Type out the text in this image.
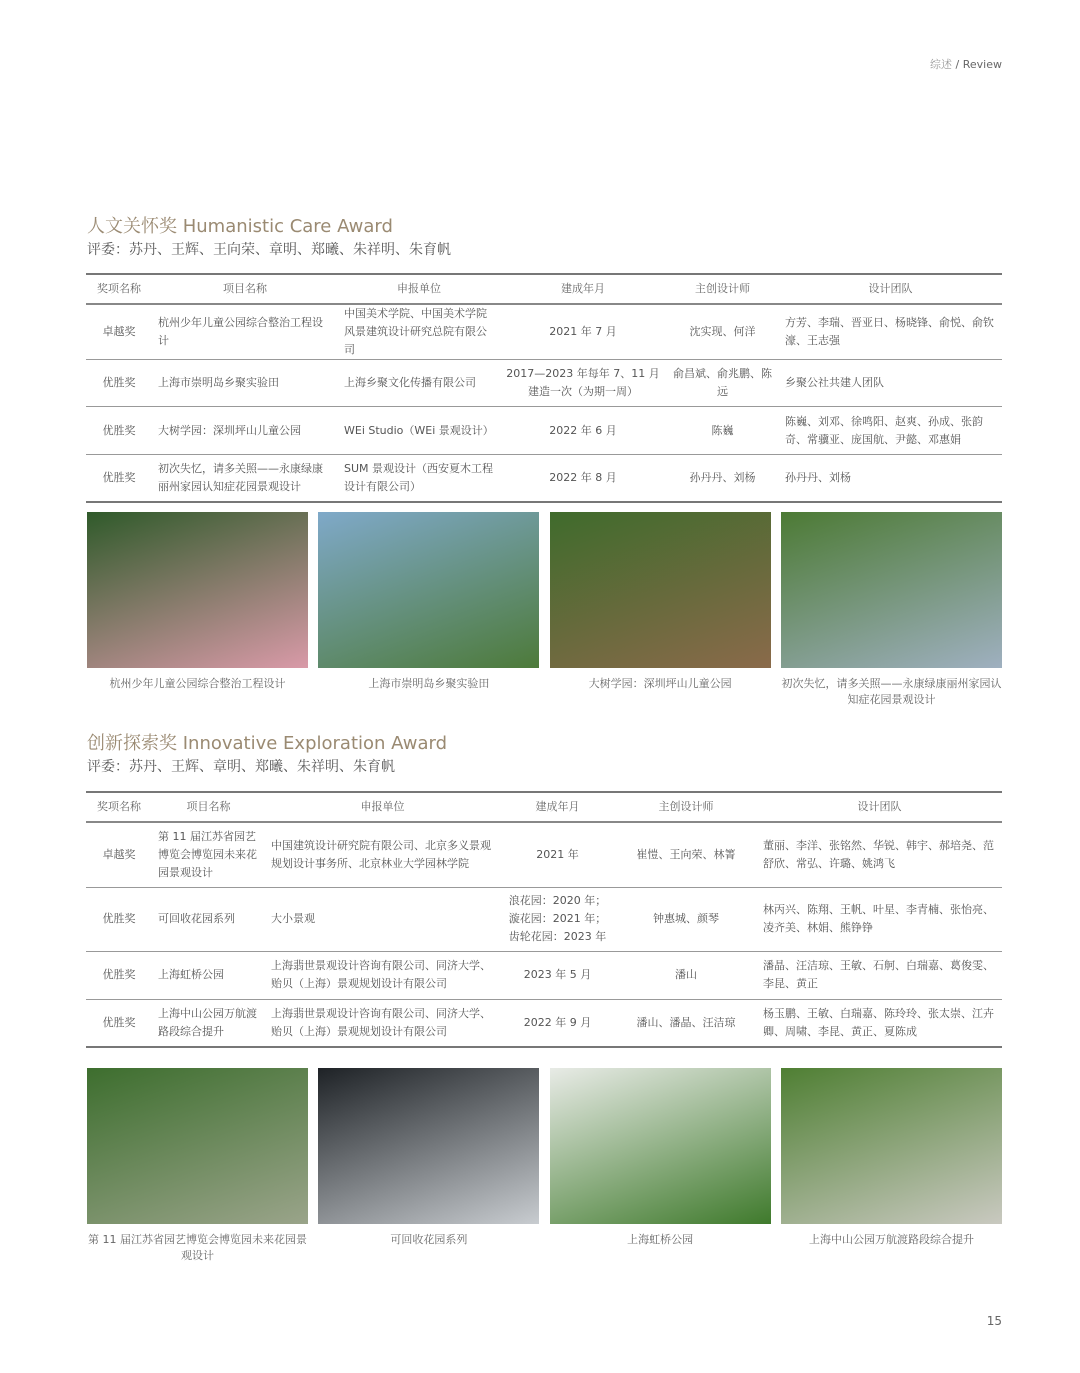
综述 / Review
人文关怀奖 Humanistic Care Award
评委：苏丹、王辉、王向荣、章明、郑曦、朱祥明、朱育帆
奖项名称	项目名称	申报单位	建成年月	主创设计师	设计团队
卓越奖	杭州少年儿童公园综合整治工程设计	中国美术学院、中国美术学院风景建筑设计研究总院有限公司	2021 年 7 月	沈实现、何洋	方芳、李瑞、晋亚日、杨晓锋、俞悦、俞钦濠、王志强
优胜奖	上海市崇明岛乡聚实验田	上海乡聚文化传播有限公司	2017—2023 年每年 7、11 月建造一次（为期一周）	俞昌斌、俞兆鹏、陈远	乡聚公社共建人团队
优胜奖	大树学园：深圳坪山儿童公园	WEi Studio（WEi 景观设计）	2022 年 6 月	陈巍	陈巍、刘邓、徐鸣阳、赵爽、孙成、张韵奇、常骥亚、庞国航、尹懿、邓惠娟
优胜奖	初次失忆，请多关照——永康绿康丽州家园认知症花园景观设计	SUM 景观设计（西安夏木工程设计有限公司）	2022 年 8 月	孙丹丹、刘杨	孙丹丹、刘杨
杭州少年儿童公园综合整治工程设计	上海市崇明岛乡聚实验田	大树学园：深圳坪山儿童公园	初次失忆，请多关照——永康绿康丽州家园认知症花园景观设计
创新探索奖 Innovative Exploration Award
评委：苏丹、王辉、章明、郑曦、朱祥明、朱育帆
奖项名称	项目名称	申报单位	建成年月	主创设计师	设计团队
卓越奖	第 11 届江苏省园艺博览会博览园未来花园景观设计	中国建筑设计研究院有限公司、北京多义景观规划设计事务所、北京林业大学园林学院	2021 年	崔愷、王向荣、林箐	董丽、李洋、张铭然、华锐、韩宇、郝培尧、范舒欣、常弘、许璐、姚鸿飞
优胜奖	可回收花园系列	大小景观	浪花园：2020 年；漩花园：2021 年；齿轮花园：2023 年	钟惠城、颜琴	林丙兴、陈翔、王帆、叶星、李青楠、张怡亮、凌齐美、林娟、熊铮铮
优胜奖	上海虹桥公园	上海翡世景观设计咨询有限公司、同济大学、贻贝（上海）景观规划设计有限公司	2023 年 5 月	潘山	潘晶、汪洁琼、王敏、石舸、白瑞嘉、葛俊雯、李昆、黄正
优胜奖	上海中山公园万航渡路段综合提升	上海翡世景观设计咨询有限公司、同济大学、贻贝（上海）景观规划设计有限公司	2022 年 9 月	潘山、潘晶、汪洁琼	杨玉鹏、王敏、白瑞嘉、陈玲玲、张太崇、江卉卿、周啸、李昆、黄正、夏陈成
第 11 届江苏省园艺博览会博览园未来花园景观设计
可回收花园系列	上海虹桥公园	上海中山公园万航渡路段综合提升
15
